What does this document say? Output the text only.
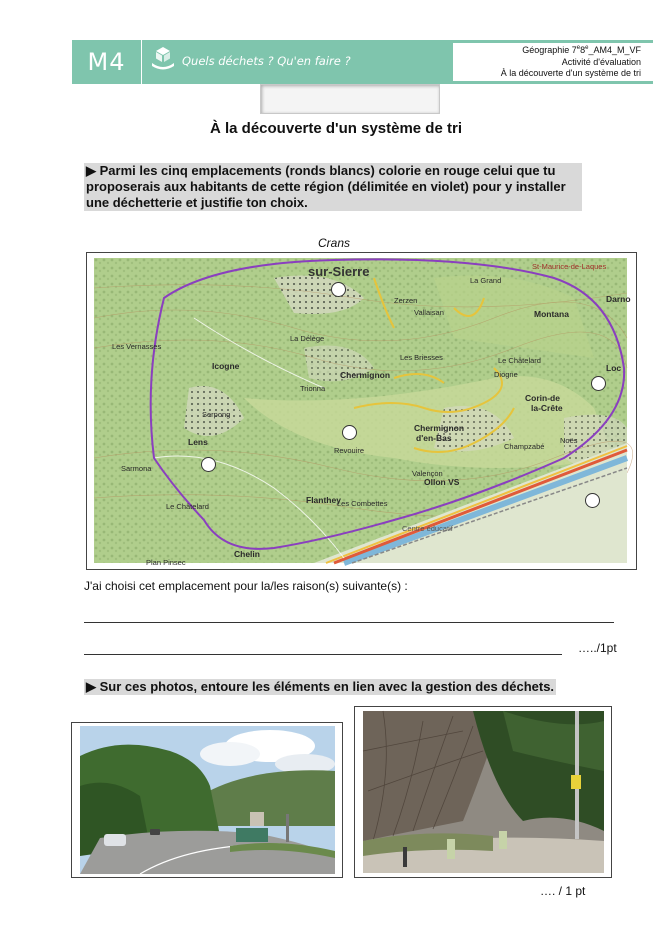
M4	Quels déchets ? Qu'en faire ?
Géographie 7e8e_AM4_M_VF
Activité d'évaluation
À la découverte d'un système de tri
À la découverte d'un système de tri
▶ Parmi les cinq emplacements (ronds blancs) colorie en rouge celui que tu proposerais aux habitants de cette région (délimitée en violet) pour y installer une déchetterie et justifie ton choix.
Crans
sur-Sierre
Lens
Icogne
Chermignon
Chermignon
d'en-Bas
Montana
Corin-de
la-Crête
Flanthey
Ollon VS
Le Châtelard
Chelin
Les Vernasses
Les Briesses
Valençon
Champzabé
Darno
Loc
St-Maurice-de-Laques
La Délège
Revouire
Les Combettes
Sarmona
Noës
Diogne
Le Châtelard
Vallaisan
Trionna
Zerzen
Serpong
La Grand
Centre éducatif
Plan Pinsec
J'ai choisi cet emplacement pour la/les raison(s) suivante(s) :
…../1pt
▶ Sur ces photos, entoure les éléments en lien avec la gestion des déchets.
…. / 1 pt
